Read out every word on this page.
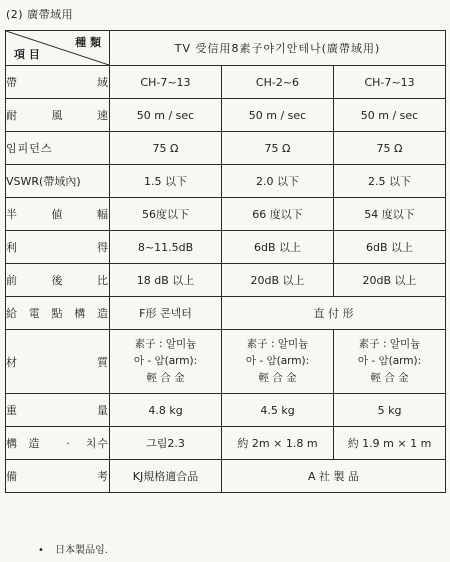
(2) 廣帶域用
種 類
項 目	TV 受信用8素子야기안테나(廣帶域用)		
帶 域	CH-7~13	CH-2~6	CH-7~13
耐 風 速	50 m / sec	50 m / sec	50 m / sec
임피던스	75 Ω	75 Ω	75 Ω
VSWR(帶域內)	1.5 以下	2.0 以下	2.5 以下
半 値 幅	56度以下	66 度以下	54 度以下
利 得	8~11.5dB	6dB 以上	6dB 以上
前 後 比	18 dB 以上	20dB 以上	20dB 以上
給電點構造	F形 콘넥터	直 付 形	
材 質	素子 : 알미늄
아 - 암(arm):
輕 合 金	素子 : 알미늄
아 - 암(arm):
輕 合 金	素子 : 알미늄
아 - 암(arm):
輕 合 金

重 量	4.8 kg	4.5 kg	5 kg
構造 · 치수	그림2.3	約 2m × 1.8 m	約 1.9 m × 1 m
備 考	KJ規格適合品	A 社 製 品	
• 日本製品임.
